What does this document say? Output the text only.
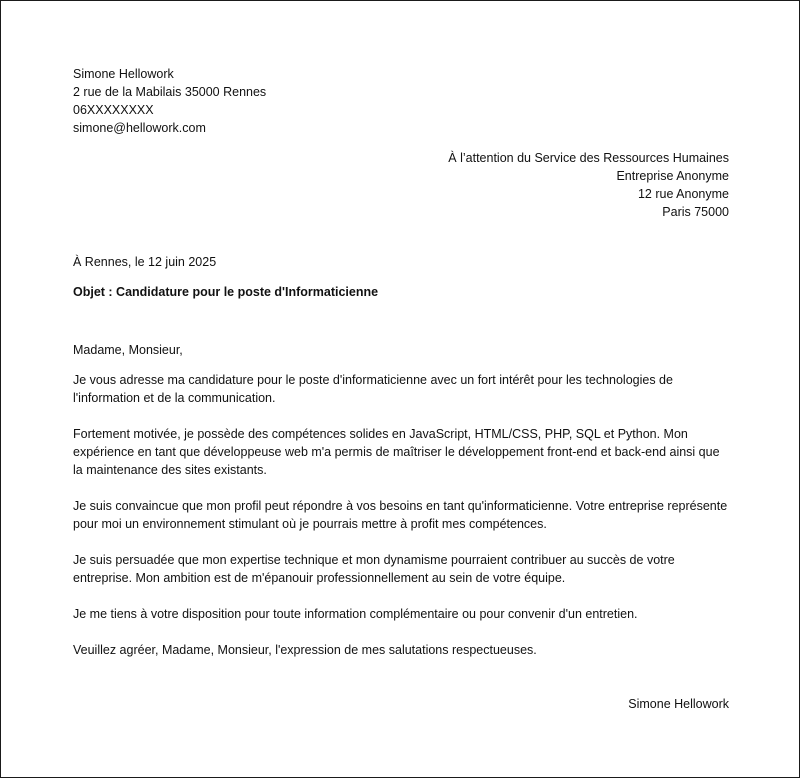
Simone Hellowork
2 rue de la Mabilais 35000 Rennes
06XXXXXXXX
simone@hellowork.com
À l’attention du Service des Ressources Humaines
Entreprise Anonyme
12 rue Anonyme
Paris 75000
À Rennes, le 12 juin 2025
Objet : Candidature pour le poste d'Informaticienne
Madame, Monsieur,

Je vous adresse ma candidature pour le poste d'informaticienne avec un fort intérêt pour les technologies de l'information et de la communication.

Fortement motivée, je possède des compétences solides en JavaScript, HTML/CSS, PHP, SQL et Python. Mon expérience en tant que développeuse web m'a permis de maîtriser le développement front-end et back-end ainsi que la maintenance des sites existants.

Je suis convaincue que mon profil peut répondre à vos besoins en tant qu'informaticienne. Votre entreprise représente pour moi un environnement stimulant où je pourrais mettre à profit mes compétences.

Je suis persuadée que mon expertise technique et mon dynamisme pourraient contribuer au succès de votre entreprise. Mon ambition est de m'épanouir professionnellement au sein de votre équipe.

Je me tiens à votre disposition pour toute information complémentaire ou pour convenir d'un entretien.

Veuillez agréer, Madame, Monsieur, l'expression de mes salutations respectueuses.

Simone Hellowork
